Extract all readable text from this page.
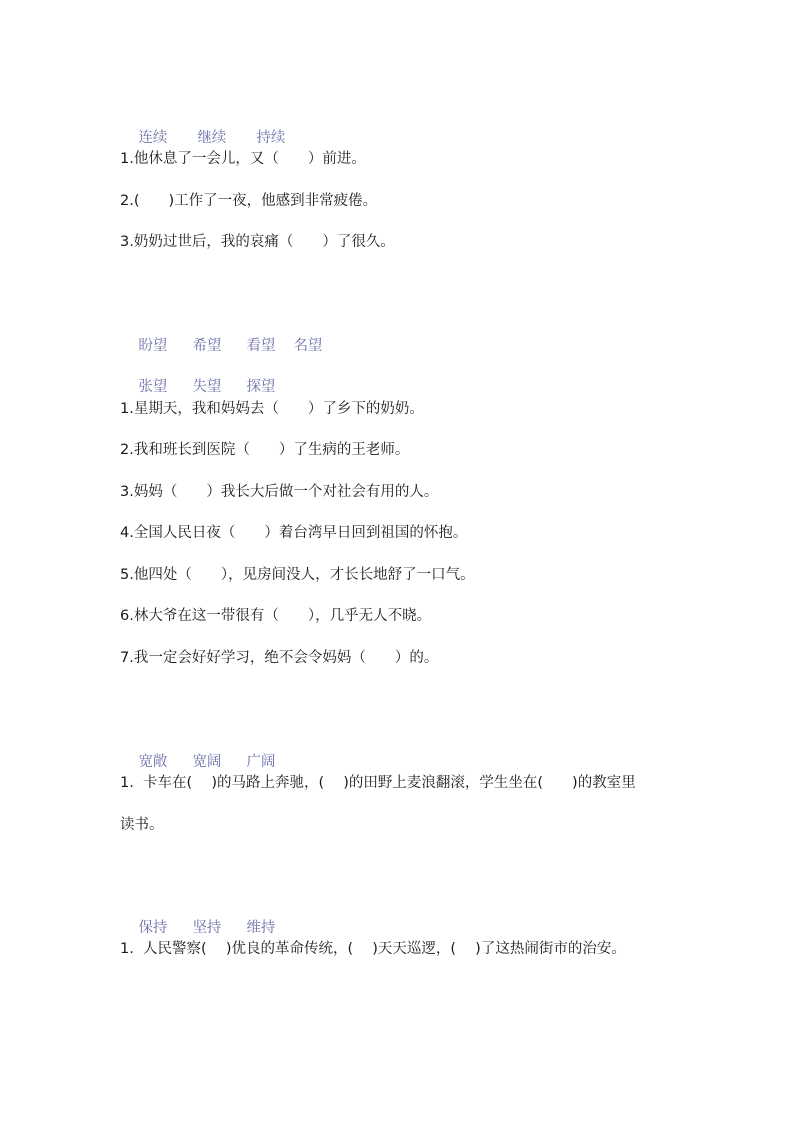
连续 继续 持续

1.他休息了一会儿，又（　　）前进。
2.(　　)工作了一夜，他感到非常疲倦。
3.奶奶过世后，我的哀痛（　　）了很久。

盼望 希望 看望 名望

张望 失望 探望

1.星期天，我和妈妈去（　　）了乡下的奶奶。
2.我和班长到医院（　　）了生病的王老师。
3.妈妈（　　）我长大后做一个对社会有用的人。
4.全国人民日夜（　　）着台湾早日回到祖国的怀抱。
5.他四处（　　），见房间没人，才长长地舒了一口气。
6.林大爷在这一带很有（　　），几乎无人不晓。
7.我一定会好好学习，绝不会令妈妈（　　）的。

宽敞 宽阔 广阔

1.  卡车在(　 )的马路上奔驰，(　 )的田野上麦浪翻滚，学生坐在(　　)的教室里
读书。

保持 坚持 维持

1.  人民警察(　 )优良的革命传统，(　 )天天巡逻，(　 )了这热闹街市的治安。
